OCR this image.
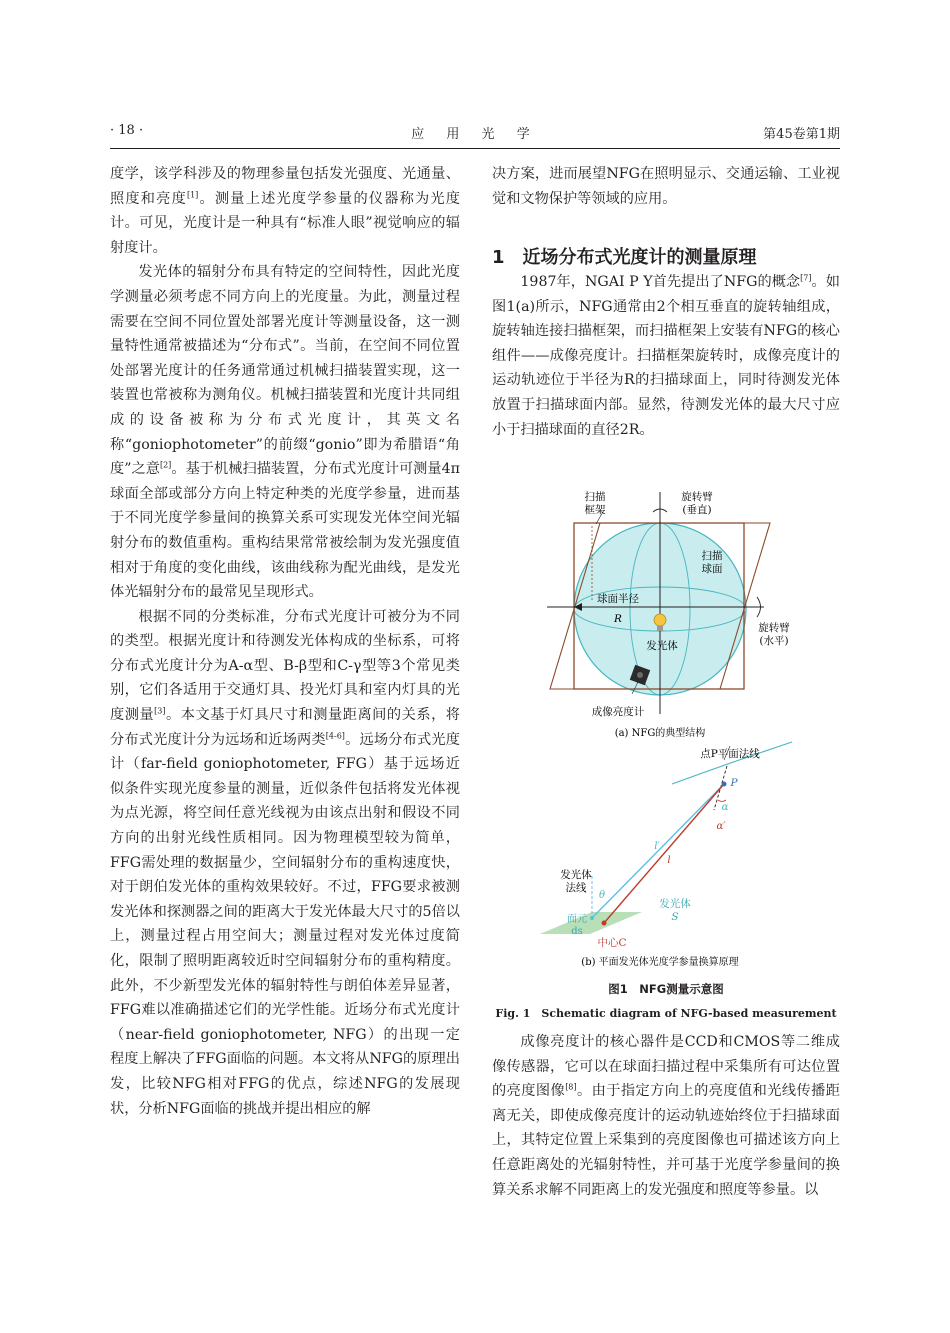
· 18 ·	应 用 光 学	第45卷第1期

度学，该学科涉及的物理参量包括发光强度、光通量、照度和亮度[1]。测量上述光度学参量的仪器称为光度计。可见，光度计是一种具有“标准人眼”视觉响应的辐射度计。

发光体的辐射分布具有特定的空间特性，因此光度学测量必须考虑不同方向上的光度量。为此，测量过程需要在空间不同位置处部署光度计等测量设备，这一测量特性通常被描述为“分布式”。当前，在空间不同位置处部署光度计的任务通常通过机械扫描装置实现，这一装置也常被称为测角仪。机械扫描装置和光度计共同组成的设备被称为分布式光度计，其英文名称“goniophotometer”的前缀“gonio”即为希腊语“角度”之意[2]。基于机械扫描装置，分布式光度计可测量4π球面全部或部分方向上特定种类的光度学参量，进而基于不同光度学参量间的换算关系可实现发光体空间光辐射分布的数值重构。重构结果常常被绘制为发光强度值相对于角度的变化曲线，该曲线称为配光曲线，是发光体光辐射分布的最常见呈现形式。

根据不同的分类标准，分布式光度计可被分为不同的类型。根据光度计和待测发光体构成的坐标系，可将分布式光度计分为A-α型、B-β型和C-γ型等3个常见类别，它们各适用于交通灯具、投光灯具和室内灯具的光度测量[3]。本文基于灯具尺寸和测量距离间的关系，将分布式光度计分为远场和近场两类[4-6]。远场分布式光度计（far-field goniophotometer, FFG）基于远场近似条件实现光度参量的测量，近似条件包括将发光体视为点光源，将空间任意光线视为由该点出射和假设不同方向的出射光线性质相同。因为物理模型较为简单，FFG需处理的数据量少，空间辐射分布的重构速度快，对于朗伯发光体的重构效果较好。不过，FFG要求被测发光体和探测器之间的距离大于发光体最大尺寸的5倍以上，测量过程占用空间大；测量过程对发光体过度简化，限制了照明距离较近时空间辐射分布的重构精度。此外，不少新型发光体的辐射特性与朗伯体差异显著，FFG难以准确描述它们的光学性能。近场分布式光度计（near-field goniophotometer, NFG）的出现一定程度上解决了FFG面临的问题。本文将从NFG的原理出发，比较NFG相对FFG的优点，综述NFG的发展现状，分析NFG面临的挑战并提出相应的解

决方案，进而展望NFG在照明显示、交通运输、工业视觉和文物保护等领域的应用。

1　近场分布式光度计的测量原理

1987年，NGAI P Y首先提出了NFG的概念[7]。如图1(a)所示，NFG通常由2个相互垂直的旋转轴组成，旋转轴连接扫描框架，而扫描框架上安装有NFG的核心组件——成像亮度计。扫描框架旋转时，成像亮度计的运动轨迹位于半径为R的扫描球面上，同时待测发光体放置于扫描球面内部。显然，待测发光体的最大尺寸应小于扫描球面的直径2R。

扫描
框架
旋转臂
(垂直)
扫描
球面
球面半径
R
旋转臂
(水平)
发光体
成像亮度计
(a) NFG的典型结构
点P平面法线
P
α
α′
l′
l
发光体
法线
θ
面元
ds
发光体
S
中心C
(b) 平面发光体光度学参量换算原理
图1　NFG测量示意图
Fig. 1　Schematic diagram of NFG-based measurement

成像亮度计的核心器件是CCD和CMOS等二维成像传感器，它可以在球面扫描过程中采集所有可达位置的亮度图像[8]。由于指定方向上的亮度值和光线传播距离无关，即使成像亮度计的运动轨迹始终位于扫描球面上，其特定位置上采集到的亮度图像也可描述该方向上任意距离处的光辐射特性，并可基于光度学参量间的换算关系求解不同距离上的发光强度和照度等参量。以
